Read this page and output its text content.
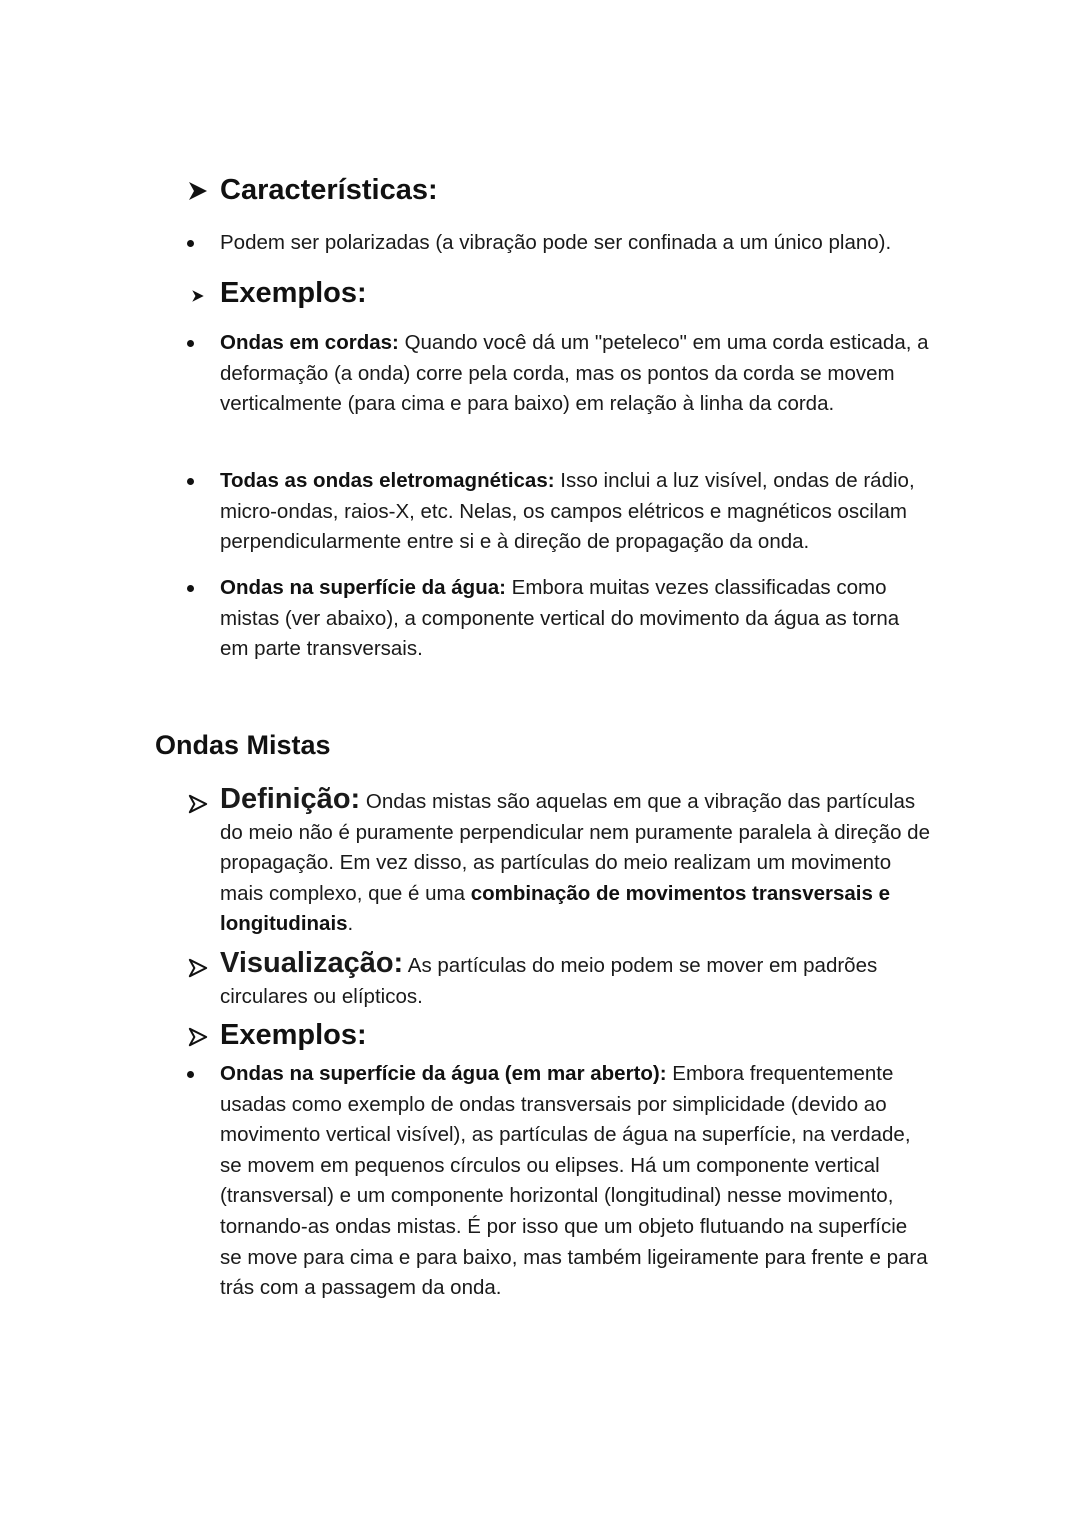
Características:
Podem ser polarizadas (a vibração pode ser confinada a um único plano).
Exemplos:
Ondas em cordas: Quando você dá um "peteleco" em uma corda esticada, a deformação (a onda) corre pela corda, mas os pontos da corda se movem verticalmente (para cima e para baixo) em relação à linha da corda.
Todas as ondas eletromagnéticas: Isso inclui a luz visível, ondas de rádio, micro-ondas, raios-X, etc. Nelas, os campos elétricos e magnéticos oscilam perpendicularmente entre si e à direção de propagação da onda.
Ondas na superfície da água: Embora muitas vezes classificadas como mistas (ver abaixo), a componente vertical do movimento da água as torna em parte transversais.
Ondas Mistas
Definição: Ondas mistas são aquelas em que a vibração das partículas do meio não é puramente perpendicular nem puramente paralela à direção de propagação. Em vez disso, as partículas do meio realizam um movimento mais complexo, que é uma combinação de movimentos transversais e longitudinais.
Visualização: As partículas do meio podem se mover em padrões circulares ou elípticos.
Exemplos:
Ondas na superfície da água (em mar aberto): Embora frequentemente usadas como exemplo de ondas transversais por simplicidade (devido ao movimento vertical visível), as partículas de água na superfície, na verdade, se movem em pequenos círculos ou elipses. Há um componente vertical (transversal) e um componente horizontal (longitudinal) nesse movimento, tornando-as ondas mistas. É por isso que um objeto flutuando na superfície se move para cima e para baixo, mas também ligeiramente para frente e para trás com a passagem da onda.
